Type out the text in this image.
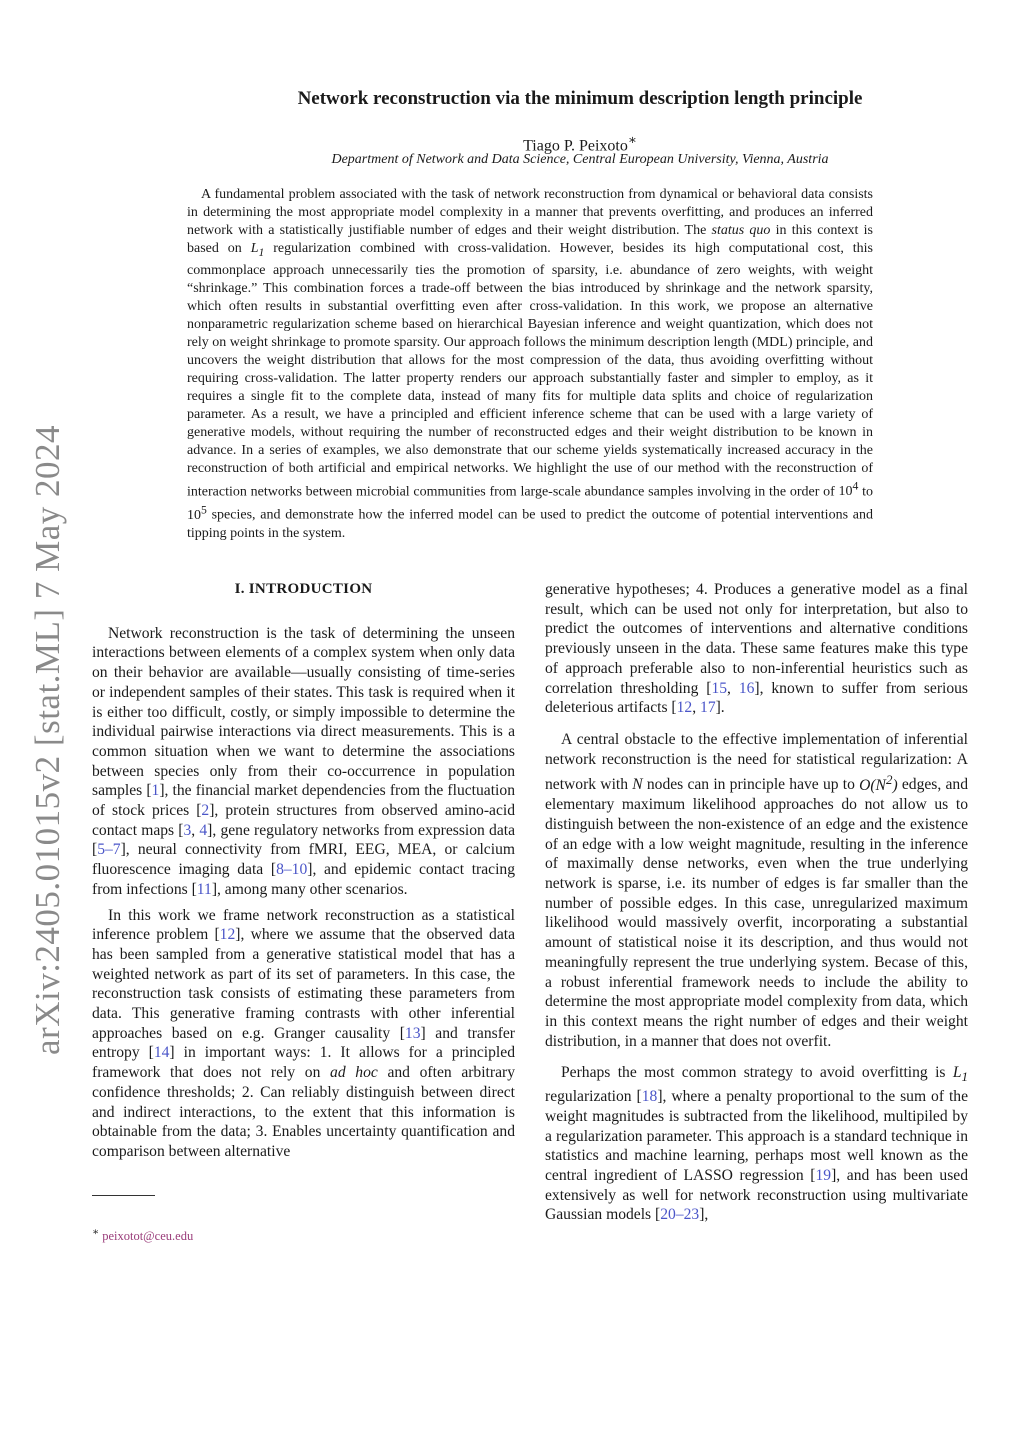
arXiv:2405.01015v2 [stat.ML] 7 May 2024
Network reconstruction via the minimum description length principle
Tiago P. Peixoto∗
Department of Network and Data Science, Central European University, Vienna, Austria

A fundamental problem associated with the task of network reconstruction from dynamical or behavioral data consists in determining the most appropriate model complexity in a manner that prevents overfitting, and produces an inferred network with a statistically justifiable number of edges and their weight distribution. The status quo in this context is based on $L_1$ regularization combined with cross-validation. However, besides its high computational cost, this commonplace approach unnecessarily ties the promotion of sparsity, i.e. abundance of zero weights, with weight “shrinkage.” This combination forces a trade-off between the bias introduced by shrinkage and the network sparsity, which often results in substantial overfitting even after cross-validation. In this work, we propose an alternative nonparametric regularization scheme based on hierarchical Bayesian inference and weight quantization, which does not rely on weight shrinkage to promote sparsity. Our approach follows the minimum description length (MDL) principle, and uncovers the weight distribution that allows for the most compression of the data, thus avoiding overfitting without requiring cross-validation. The latter property renders our approach substantially faster and simpler to employ, as it requires a single fit to the complete data, instead of many fits for multiple data splits and choice of regularization parameter. As a result, we have a principled and efficient inference scheme that can be used with a large variety of generative models, without requiring the number of reconstructed edges and their weight distribution to be known in advance. In a series of examples, we also demonstrate that our scheme yields systematically increased accuracy in the reconstruction of both artificial and empirical networks. We highlight the use of our method with the reconstruction of interaction networks between microbial communities from large-scale abundance samples involving in the order of $10^4$ to $10^5$ species, and demonstrate how the inferred model can be used to predict the outcome of potential interventions and tipping points in the system.

I. INTRODUCTION

Network reconstruction is the task of determining the unseen interactions between elements of a complex system when only data on their behavior are available—usually consisting of time-series or independent samples of their states. This task is required when it is either too difficult, costly, or simply impossible to determine the individual pairwise interactions via direct measurements. This is a common situation when we want to determine the associations between species only from their co-occurrence in population samples [1], the financial market dependencies from the fluctuation of stock prices [2], protein structures from observed amino-acid contact maps [3, 4], gene regulatory networks from expression data [5–7], neural connectivity from fMRI, EEG, MEA, or calcium fluorescence imaging data [8–10], and epidemic contact tracing from infections [11], among many other scenarios.

In this work we frame network reconstruction as a statistical inference problem [12], where we assume that the observed data has been sampled from a generative statistical model that has a weighted network as part of its set of parameters. In this case, the reconstruction task consists of estimating these parameters from data. This generative framing contrasts with other inferential approaches based on e.g. Granger causality [13] and transfer entropy [14] in important ways: 1. It allows for a principled framework that does not rely on ad hoc and often arbitrary confidence thresholds; 2. Can reliably distinguish between direct and indirect interactions, to the extent that this information is obtainable from the data; 3. Enables uncertainty quantification and comparison between alternative

generative hypotheses; 4. Produces a generative model as a final result, which can be used not only for interpretation, but also to predict the outcomes of interventions and alternative conditions previously unseen in the data. These same features make this type of approach preferable also to non-inferential heuristics such as correlation thresholding [15, 16], known to suffer from serious deleterious artifacts [12, 17].

A central obstacle to the effective implementation of inferential network reconstruction is the need for statistical regularization: A network with N nodes can in principle have up to $O(N^2)$ edges, and elementary maximum likelihood approaches do not allow us to distinguish between the non-existence of an edge and the existence of an edge with a low weight magnitude, resulting in the inference of maximally dense networks, even when the true underlying network is sparse, i.e. its number of edges is far smaller than the number of possible edges. In this case, unregularized maximum likelihood would massively overfit, incorporating a substantial amount of statistical noise it its description, and thus would not meaningfully represent the true underlying system. Becase of this, a robust inferential framework needs to include the ability to determine the most appropriate model complexity from data, which in this context means the right number of edges and their weight distribution, in a manner that does not overfit.

Perhaps the most common strategy to avoid overfitting is $L_1$ regularization [18], where a penalty proportional to the sum of the weight magnitudes is subtracted from the likelihood, multipiled by a regularization parameter. This approach is a standard technique in statistics and machine learning, perhaps most well known as the central ingredient of LASSO regression [19], and has been used extensively as well for network reconstruction using multivariate Gaussian models [20–23],

∗ peixotot@ceu.edu
